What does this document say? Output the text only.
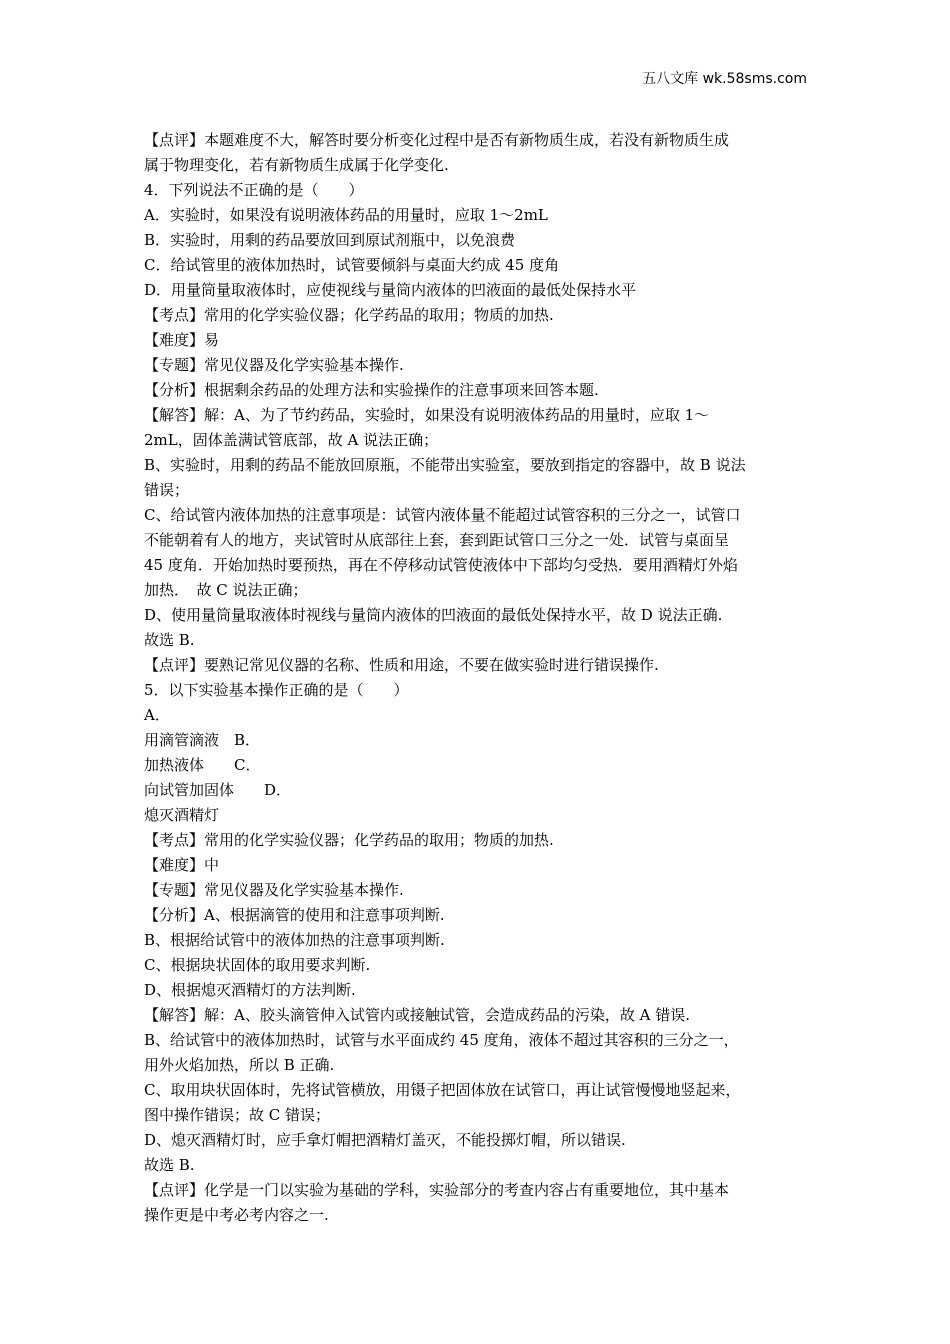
五八文库 wk.58sms.com
【点评】本题难度不大，解答时要分析变化过程中是否有新物质生成，若没有新物质生成
属于物理变化，若有新物质生成属于化学变化.
4．下列说法不正确的是（　　）
A．实验时，如果没有说明液体药品的用量时，应取 1～2mL
B．实验时，用剩的药品要放回到原试剂瓶中，以免浪费
C．给试管里的液体加热时，试管要倾斜与桌面大约成 45 度角
D．用量筒量取液体时，应使视线与量筒内液体的凹液面的最低处保持水平
【考点】常用的化学实验仪器；化学药品的取用；物质的加热.
【难度】易
【专题】常见仪器及化学实验基本操作.
【分析】根据剩余药品的处理方法和实验操作的注意事项来回答本题.
【解答】解：A、为了节约药品，实验时，如果没有说明液体药品的用量时，应取 1～
2mL，固体盖满试管底部，故 A 说法正确；
B、实验时，用剩的药品不能放回原瓶，不能带出实验室，要放到指定的容器中，故 B 说法
错误；
C、给试管内液体加热的注意事项是：试管内液体量不能超过试管容积的三分之一，试管口
不能朝着有人的地方，夹试管时从底部往上套，套到距试管口三分之一处．试管与桌面呈
45 度角．开始加热时要预热，再在不停移动试管使液体中下部均匀受热．要用酒精灯外焰
加热．　故 C 说法正确；
D、使用量筒量取液体时视线与量筒内液体的凹液面的最低处保持水平，故 D 说法正确.
故选 B.
【点评】要熟记常见仪器的名称、性质和用途，不要在做实验时进行错误操作.
5．以下实验基本操作正确的是（　　）
A．
用滴管滴液　B．
加热液体　　C．
向试管加固体　　D．
熄灭酒精灯
【考点】常用的化学实验仪器；化学药品的取用；物质的加热.
【难度】中
【专题】常见仪器及化学实验基本操作.
【分析】A、根据滴管的使用和注意事项判断.
B、根据给试管中的液体加热的注意事项判断.
C、根据块状固体的取用要求判断.
D、根据熄灭酒精灯的方法判断.
【解答】解：A、胶头滴管伸入试管内或接触试管，会造成药品的污染，故 A 错误.
B、给试管中的液体加热时，试管与水平面成约 45 度角，液体不超过其容积的三分之一，
用外火焰加热，所以 B 正确.
C、取用块状固体时，先将试管横放，用镊子把固体放在试管口，再让试管慢慢地竖起来，
图中操作错误；故 C 错误；
D、熄灭酒精灯时，应手拿灯帽把酒精灯盖灭，不能投掷灯帽，所以错误.
故选 B.
【点评】化学是一门以实验为基础的学科，实验部分的考查内容占有重要地位，其中基本
操作更是中考必考内容之一.
